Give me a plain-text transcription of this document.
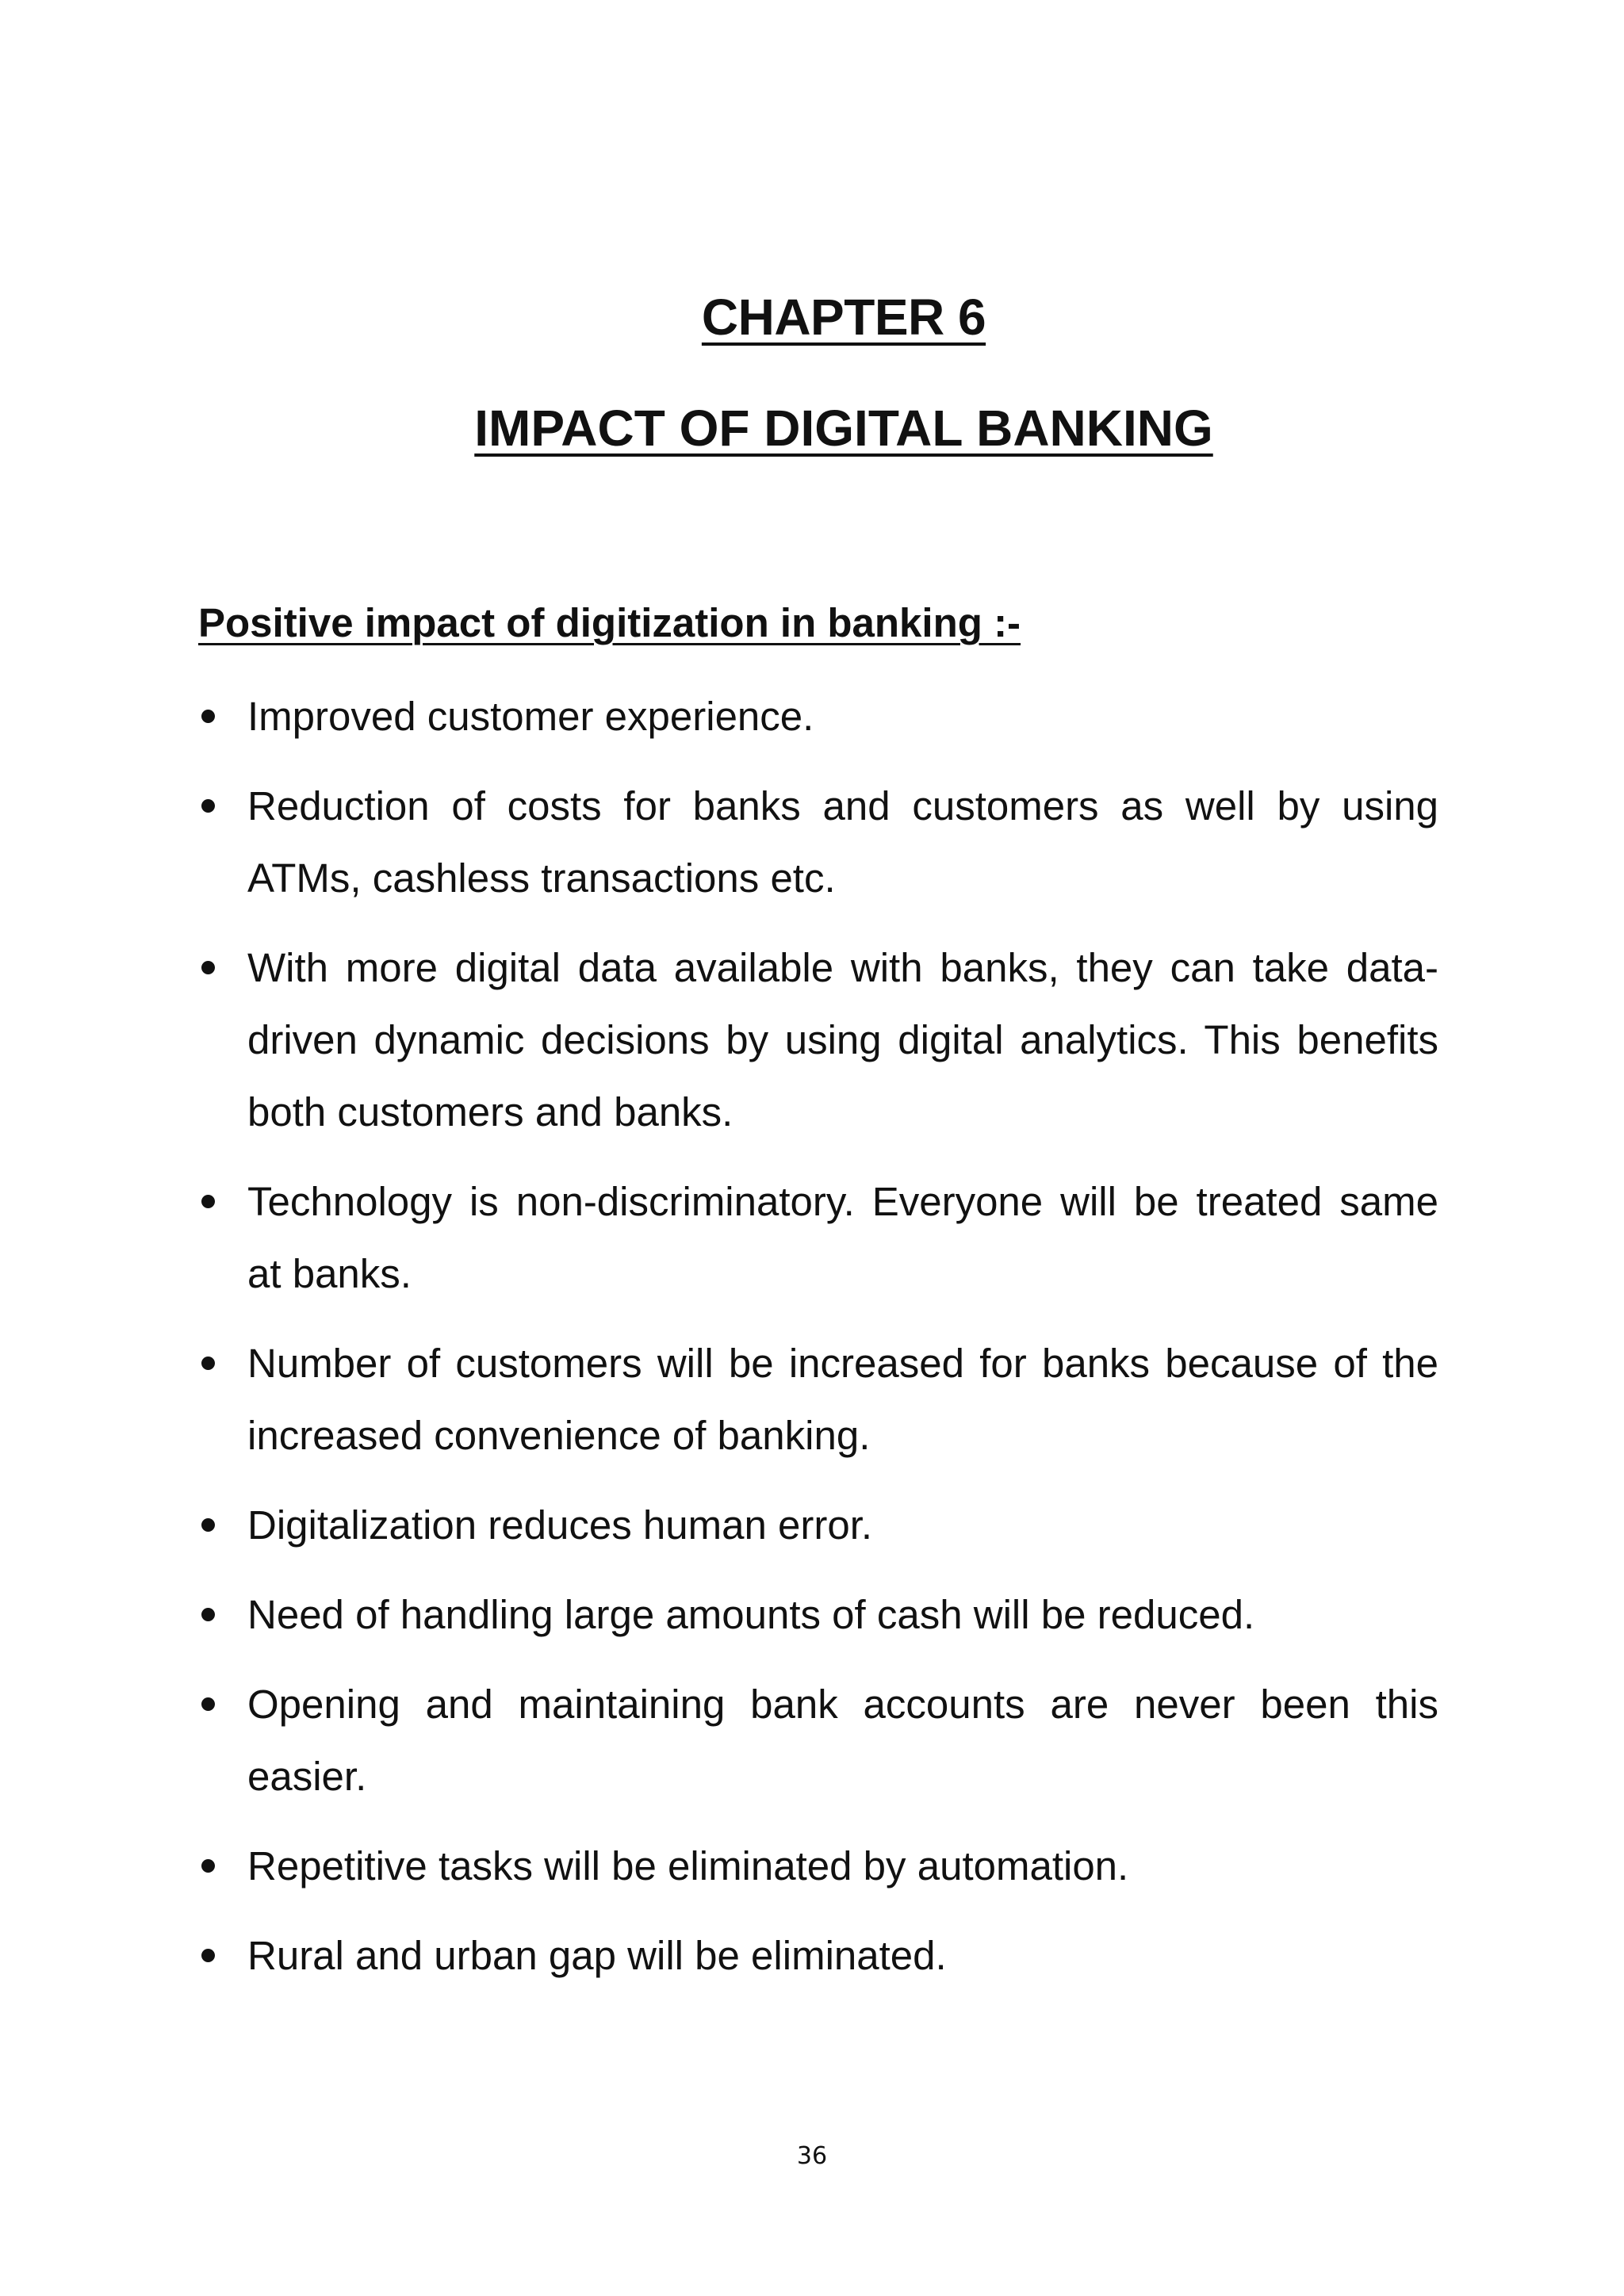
CHAPTER 6
IMPACT OF DIGITAL BANKING
Positive impact of digitization in banking :-
Improved customer experience.
Reduction of costs for banks and customers as well by using ATMs, cashless transactions etc.
With more digital data available with banks, they can take data-driven dynamic decisions by using digital analytics. This benefits both customers and banks.
Technology is non-discriminatory. Everyone will be treated same at banks.
Number of customers will be increased for banks because of the increased convenience of banking.
Digitalization reduces human error.
Need of handling large amounts of cash will be reduced.
Opening and maintaining bank accounts are never been this easier.
Repetitive tasks will be eliminated by automation.
Rural and urban gap will be eliminated.
36
